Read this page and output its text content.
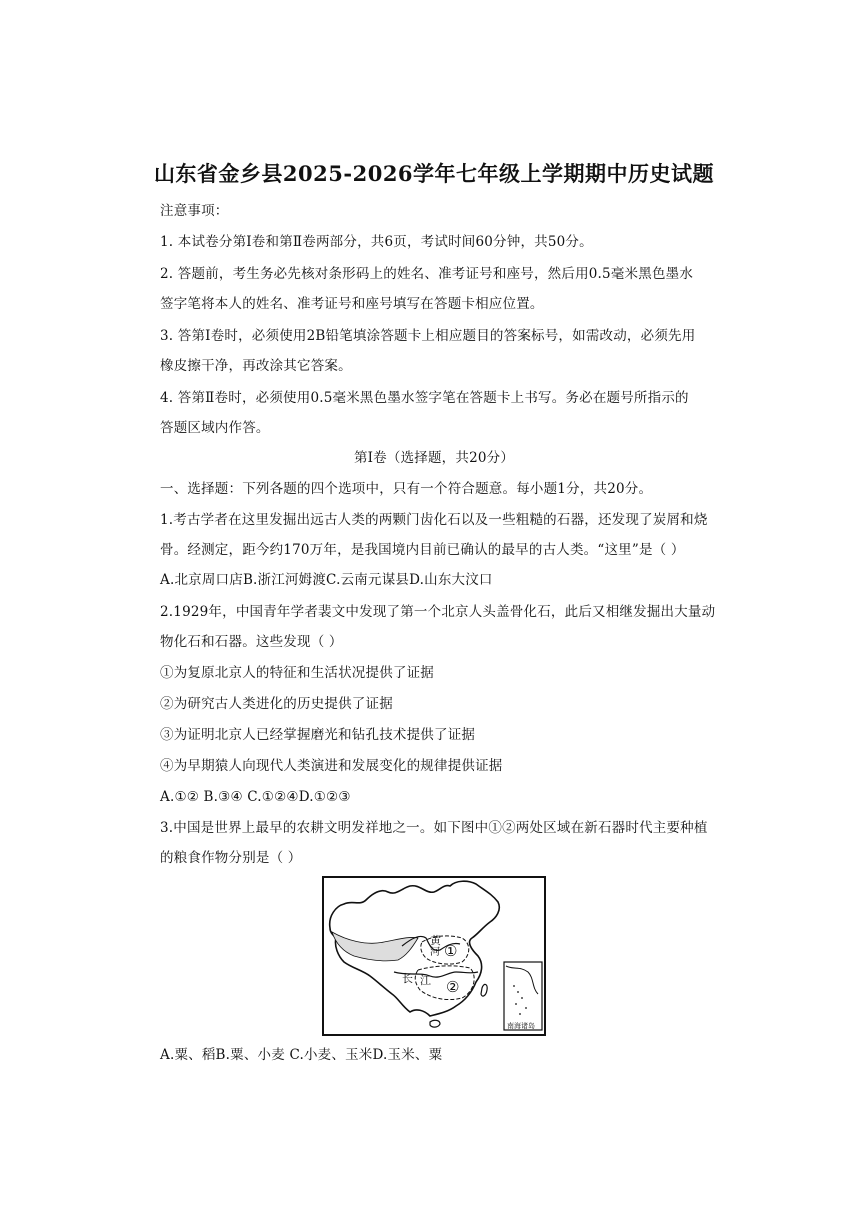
山东省金乡县2025-2026学年七年级上学期期中历史试题
注意事项：
1. 本试卷分第Ⅰ卷和第Ⅱ卷两部分，共6页，考试时间60分钟，共50分。
2. 答题前，考生务必先核对条形码上的姓名、准考证号和座号，然后用0.5毫米黑色墨水
签字笔将本人的姓名、准考证号和座号填写在答题卡相应位置。
3. 答第Ⅰ卷时，必须使用2B铅笔填涂答题卡上相应题目的答案标号，如需改动，必须先用
橡皮擦干净，再改涂其它答案。
4. 答第Ⅱ卷时，必须使用0.5毫米黑色墨水签字笔在答题卡上书写。务必在题号所指示的
答题区域内作答。
第Ⅰ卷（选择题，共20分）
一、选择题：下列各题的四个选项中，只有一个符合题意。每小题1分，共20分。
1.考古学者在这里发掘出远古人类的两颗门齿化石以及一些粗糙的石器，还发现了炭屑和烧
骨。经测定，距今约170万年，是我国境内目前已确认的最早的古人类。“这里”是（ ）
A.北京周口店B.浙江河姆渡C.云南元谋县D.山东大汶口
2.1929年，中国青年学者裴文中发现了第一个北京人头盖骨化石，此后又相继发掘出大量动
物化石和石器。这些发现（ ）
①为复原北京人的特征和生活状况提供了证据
②为研究古人类进化的历史提供了证据
③为证明北京人已经掌握磨光和钻孔技术提供了证据
④为早期猿人向现代人类演进和发展变化的规律提供证据
A.①② B.③④ C.①②④D.①②③
3.中国是世界上最早的农耕文明发祥地之一。如下图中①②两处区域在新石器时代主要种植
的粮食作物分别是（ ）
黄
河
长 江
①
②
南海诸岛
A.粟、稻B.粟、小麦 C.小麦、玉米D.玉米、粟
